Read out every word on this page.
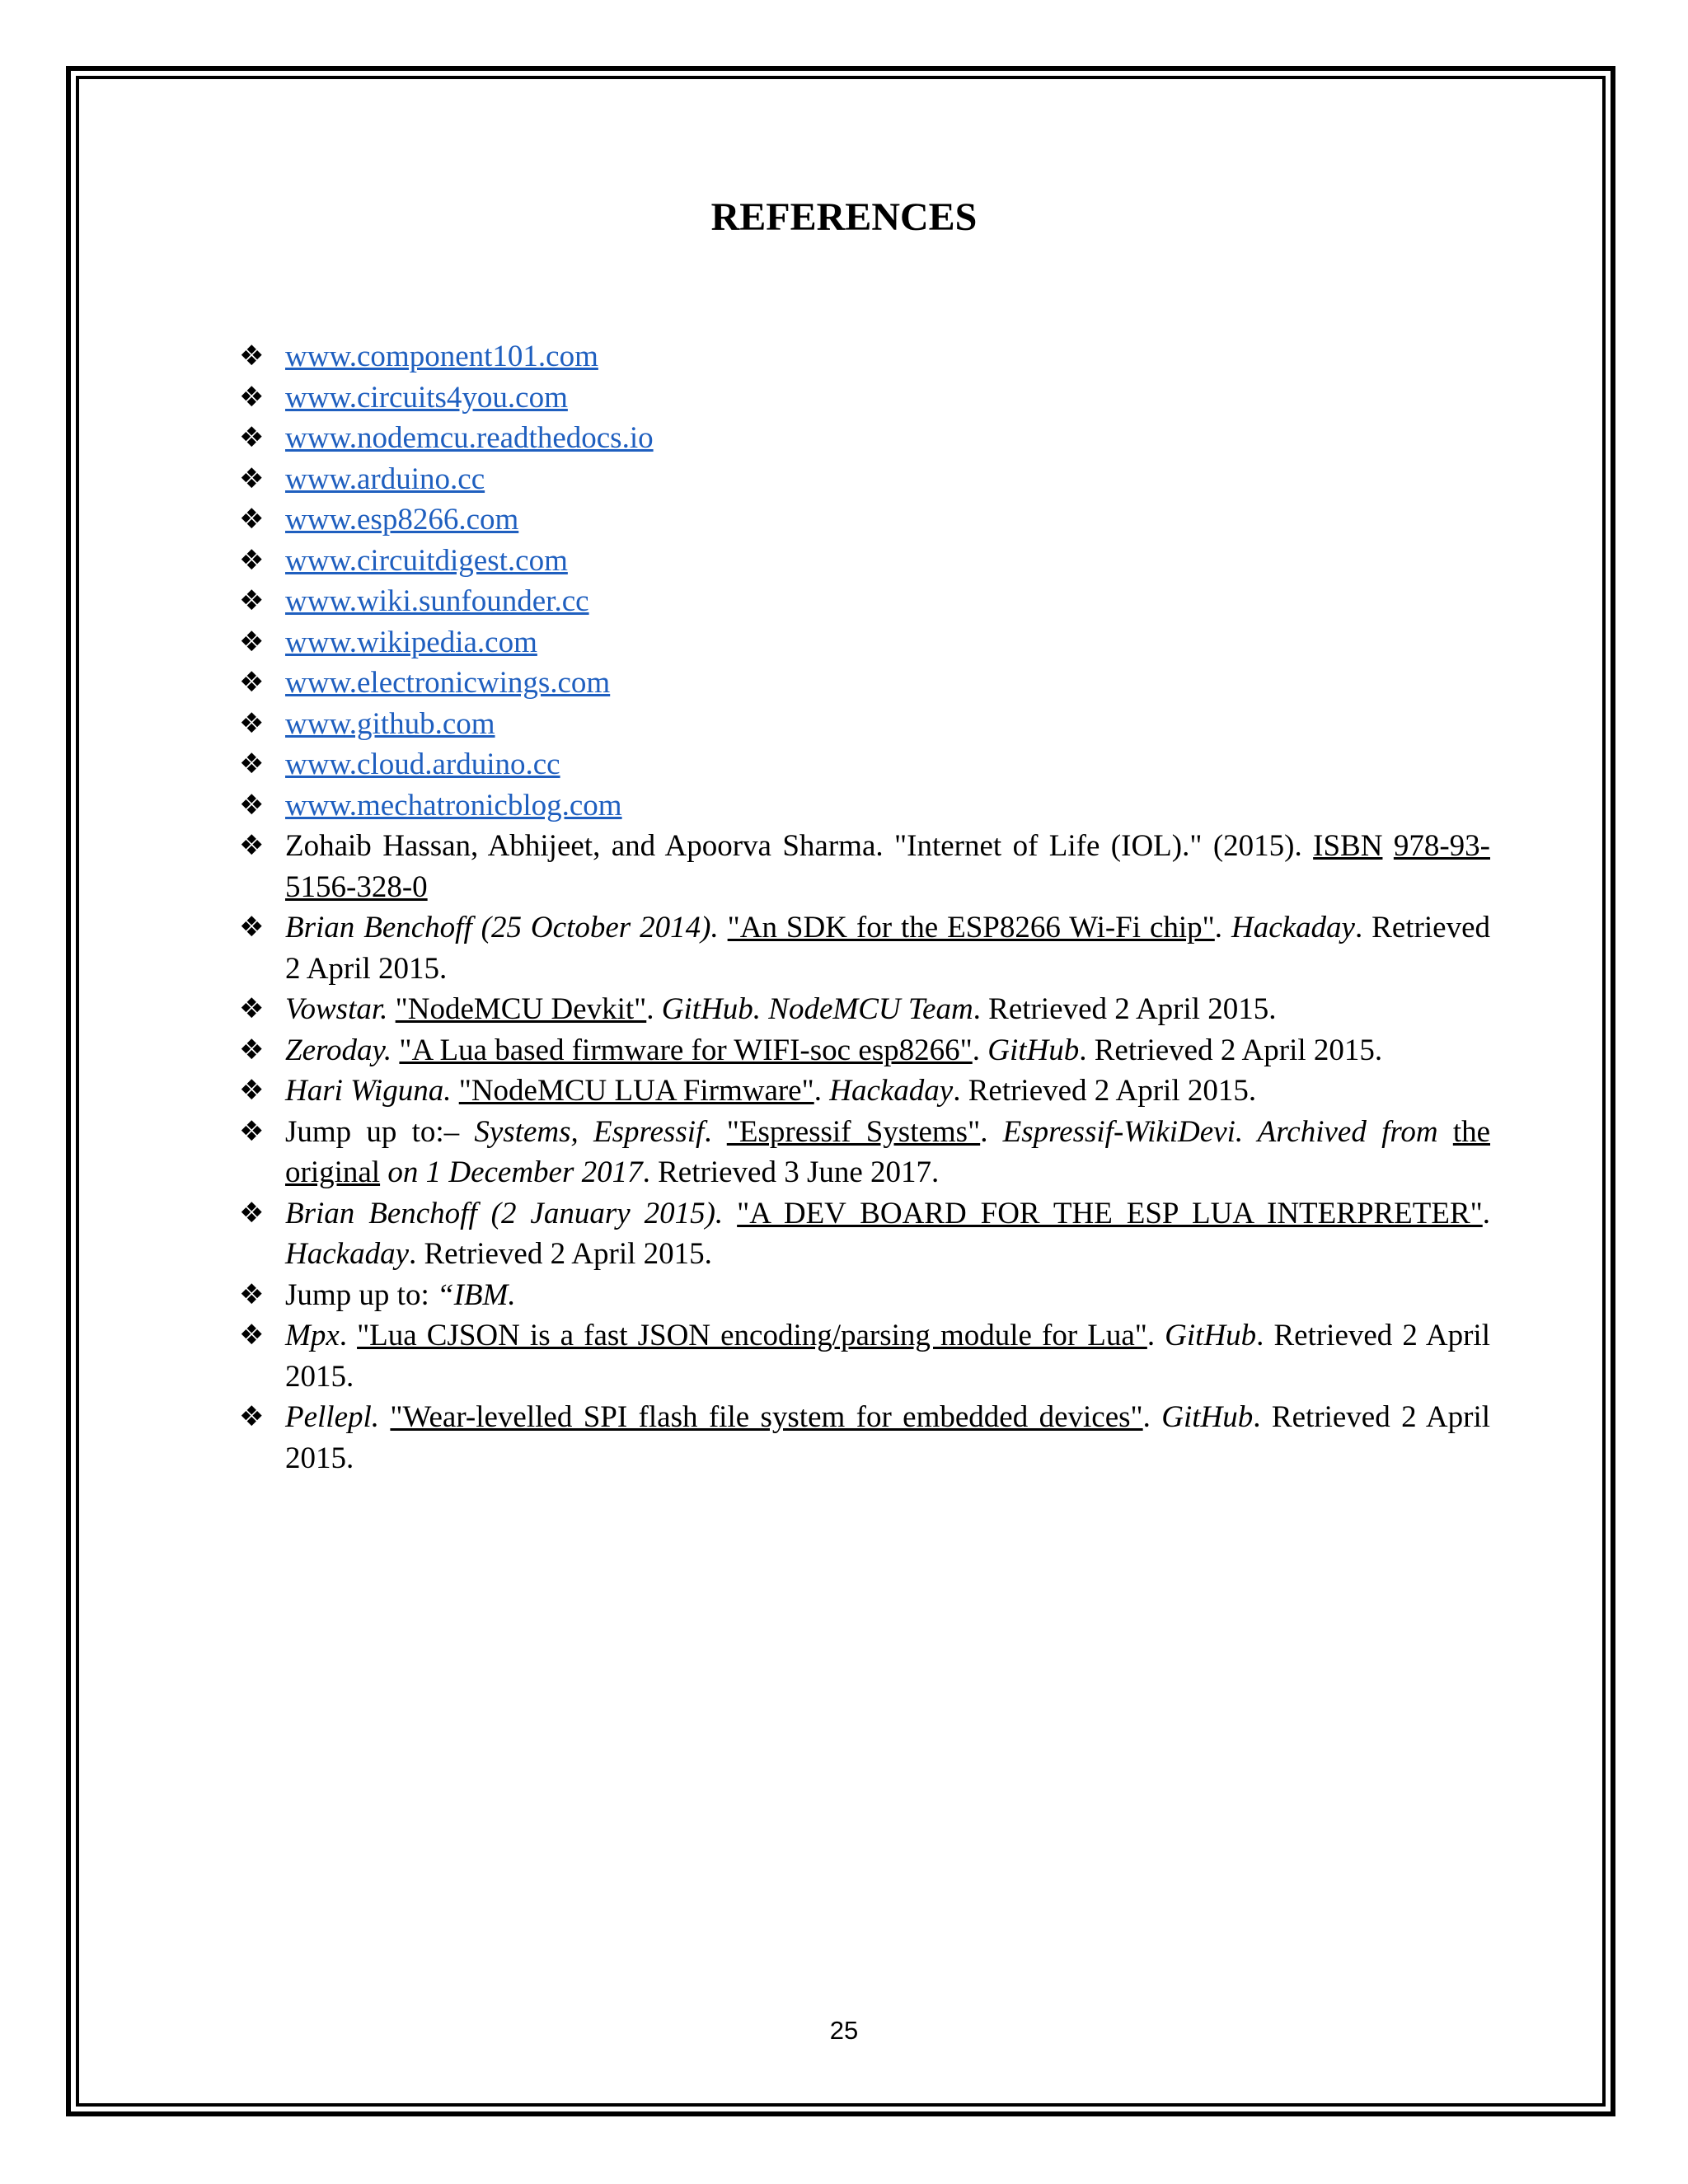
REFERENCES
❖ www.component101.com
❖ www.circuits4you.com
❖ www.nodemcu.readthedocs.io
❖ www.arduino.cc
❖ www.esp8266.com
❖ www.circuitdigest.com
❖ www.wiki.sunfounder.cc
❖ www.wikipedia.com
❖ www.electronicwings.com
❖ www.github.com
❖ www.cloud.arduino.cc
❖ www.mechatronicblog.com
❖ Zohaib Hassan, Abhijeet, and Apoorva Sharma. "Internet of Life (IOL)." (2015). ISBN 978-93-5156-328-0
❖ Brian Benchoff (25 October 2014). "An SDK for the ESP8266 Wi-Fi chip". Hackaday. Retrieved 2 April 2015.
❖ Vowstar. "NodeMCU Devkit". GitHub. NodeMCU Team. Retrieved 2 April 2015.
❖ Zeroday. "A Lua based firmware for WIFI-soc esp8266". GitHub. Retrieved 2 April 2015.
❖ Hari Wiguna. "NodeMCU LUA Firmware". Hackaday. Retrieved 2 April 2015.
❖ Jump up to:– Systems, Espressif. "Espressif Systems". Espressif-WikiDevi. Archived from the original on 1 December 2017. Retrieved 3 June 2017.
❖ Brian Benchoff (2 January 2015). "A DEV BOARD FOR THE ESP LUA INTERPRETER". Hackaday. Retrieved 2 April 2015.
❖ Jump up to: “IBM.
❖ Mpx. "Lua CJSON is a fast JSON encoding/parsing module for Lua". GitHub. Retrieved 2 April 2015.
❖ Pellepl. "Wear-levelled SPI flash file system for embedded devices". GitHub. Retrieved 2 April 2015.
25
